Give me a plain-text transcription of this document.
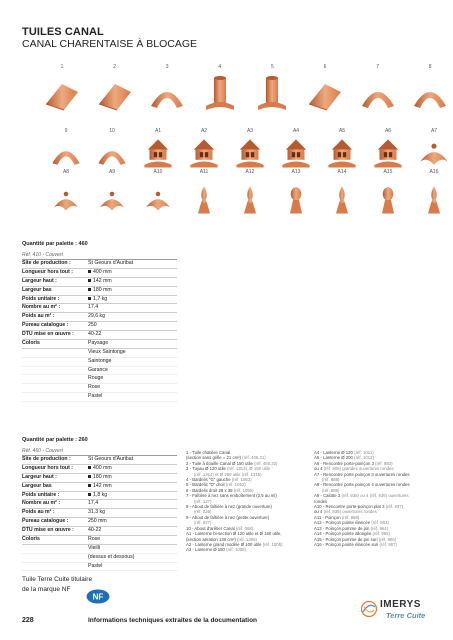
TUILES CANAL
CANAL CHARENTAISE À BLOCAGE
1	2	3	4	5	6	7	8
9	10	A1	A2	A3	A4	A5	A6	A7
A8	A9	A10	A11	A12	A13	A14	A15	A16
Quantité par palette : 460
Réf. 410 - Couvert
Site de production :	St Geours d'Auribat
Longueur hors tout :	400 mm
Largeur haut :	142 mm
Largeur bas	180 mm
Poids unitaire :	1,7 kg
Nombre au m² :	17,4
Poids au m² :	29,6 kg
Pureau catalogue :	250
DTU mise en œuvre :	40-22
Coloris	Paysage
Vieux Saintonge
Saintonge
Garance
Rouge
Rose
Pastel
Quantité par palette : 260
Réf. 460 - Couvert
Site de production :	St Geours d'Auribat
Longueur hors tout :	400 mm
Largeur haut :	180 mm
Largeur bas	142 mm
Poids unitaire :	1,8 kg
Nombre au m² :	17,4
Poids au m² :	31,3 kg
Pureau catalogue :	250 mm
DTU mise en œuvre :	40-22
Coloris	Rose
Vieilli
(dessus et dessous)
Pastel
1 - Tuile chatière Canal
(section sans grille = 21 cm²) (réf. 406.21)
2 - Tuile à douille Canal Ø 150 utile (réf. 450.32)
3 - Tuyau Ø 120 utile (réf. 1313), Ø 150 utile
(réf. 1314) et Ø 280 utile (réf. 1315)
4 - Bardelis "G" gauche (réf. 1053)
5 - Bardelis "D" droit (réf. 1052)
6 - Bardelis droit 28 x 38 (réf. 1050)
7 - Faîtière à nez sans emboîtement (2,5 au ml)
(réf. 127)
8 - About de faîtière à nez (grande ouverture)
(réf. 026)
9 - About de faîtière à nez (petite ouverture)
(réf. 027)
10 - About d'arêtier Canal (réf. 068)
A1 - Lanterne bi-section Ø 120 utile et Ø 150 utile,
(section aération 130 cm²) (réf. 1306)
A2 - Lanterne grand modèle Ø 100 utile (réf. 1005)
A3 - Lanterne Ø 150 (réf. 1009)
A4 - Lanterne Ø 120 (réf. 1011)
A5 - Lanterne Ø 200 (réf. 1012)
A6 - Rencontre porte-poinçon 3 (réf. 883)
ou 4 (réf. 905) grandes ouvertures rondes
A7 - Rencontre porte poinçon 3 ouvertures rondes
(réf. 888)
A8 - Rencontre porte poinçon 4 ouvertures rondes
(réf. 889)
A9 - Calotte 3 (réf. 935) ou 4 (réf. 936) ouvertures
rondes
A10 - Rencontre porte-poinçon plat 3 (réf. 937)
ou 4 (réf. 938) ouvertures rondes
A11 - Poinçon (réf. 958)
A12 - Poinçon pointe élancée (réf. 963)
A13 - Poinçon pomme de pin (réf. 964)
A14 - Poinçon pointe allongée (réf. 965)
A15 - Poinçon pomme de pin suri (réf. 966)
A16 - Poinçon pointe élancée suri (réf. 967)
Tuile Terre Cuite titulaire
de la marque NF
NF
228	Informations techniques extraites de la documentation
IMERYS
Terre Cuite
